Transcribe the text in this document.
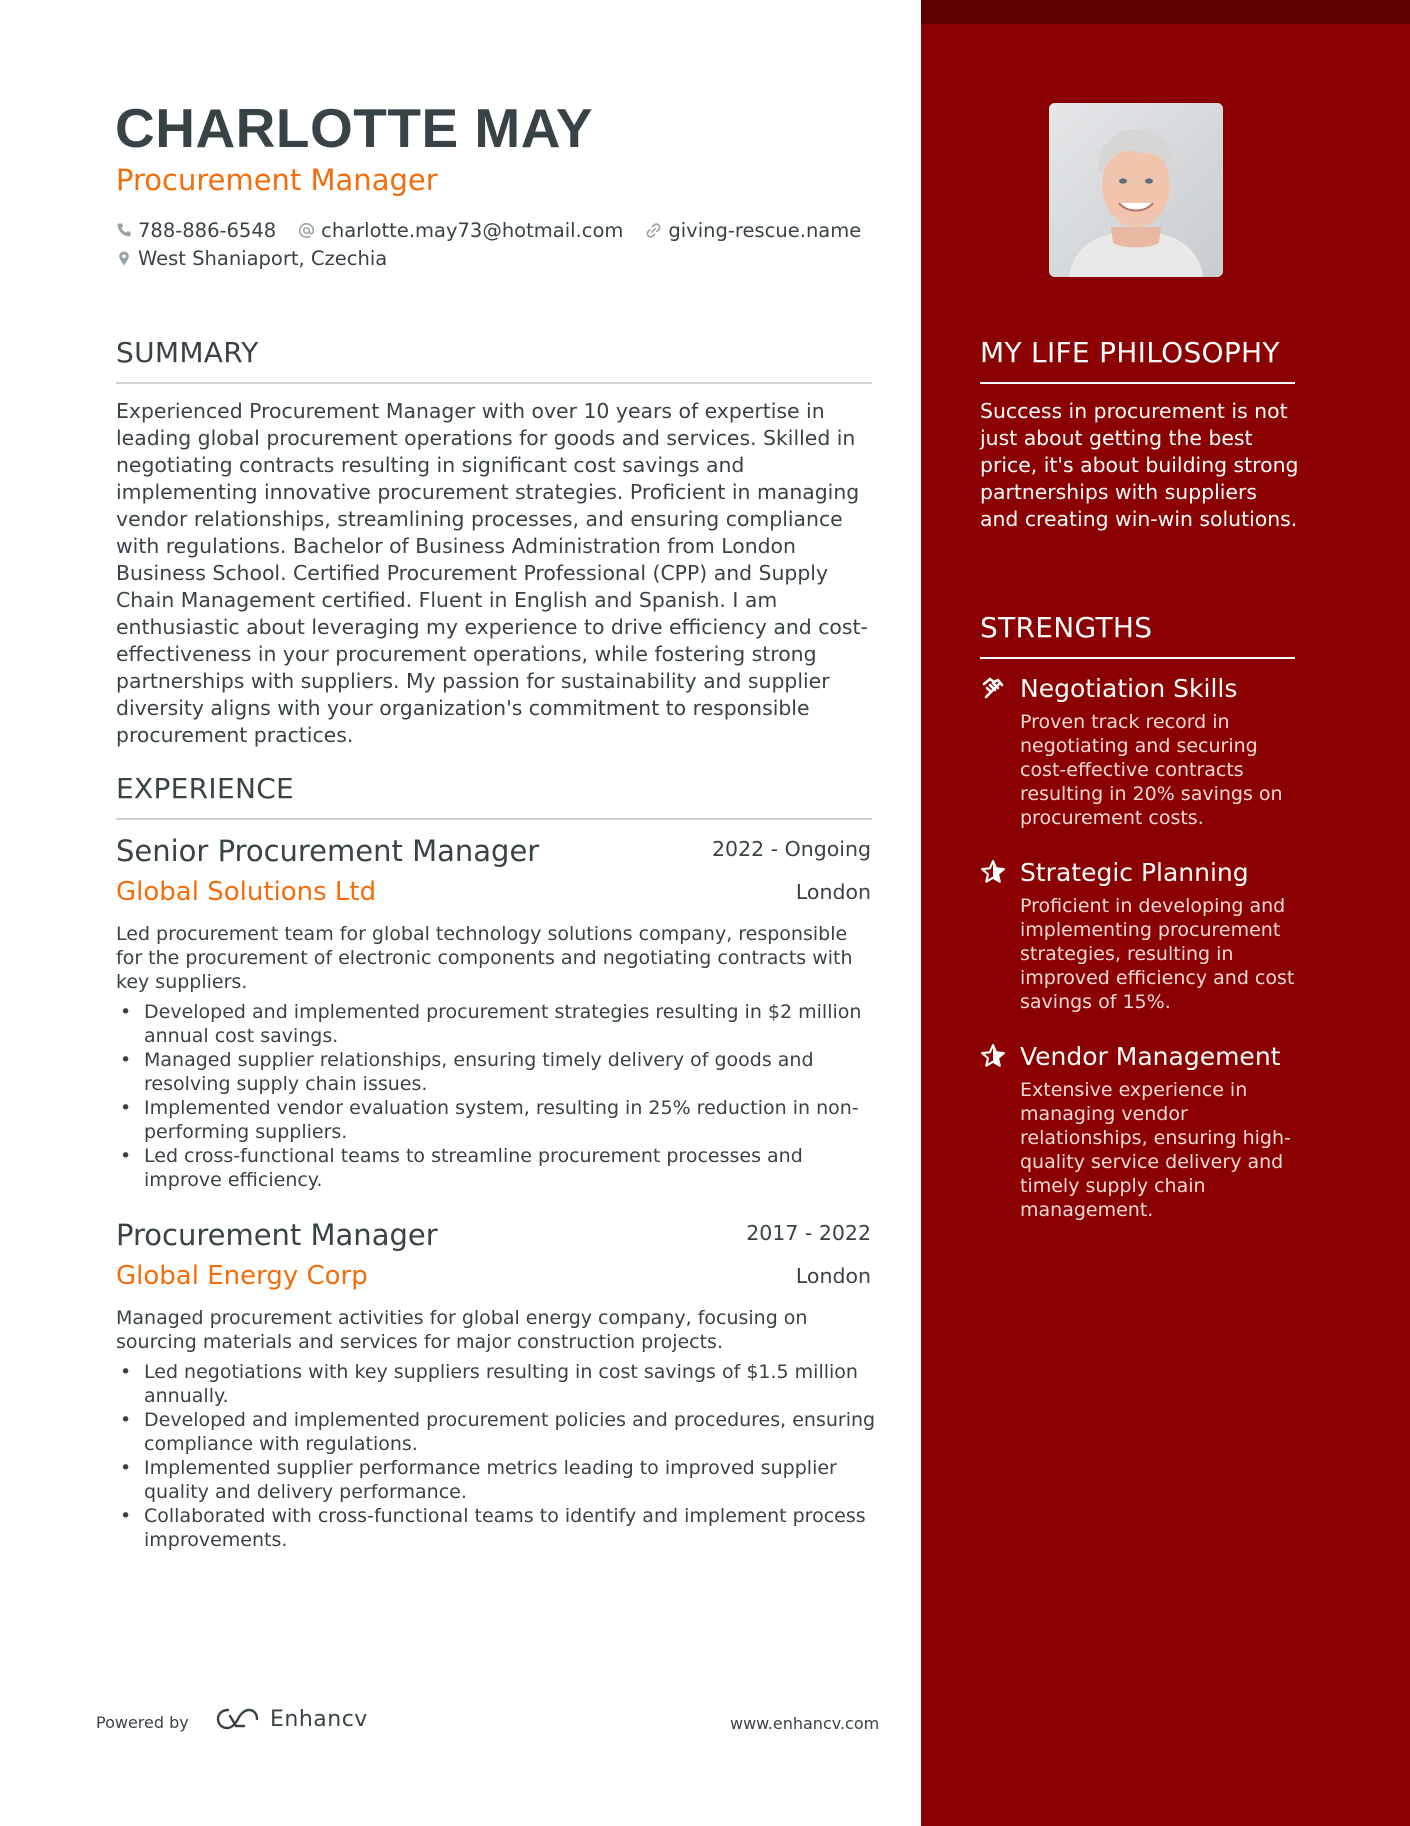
CHARLOTTE MAY
Procurement Manager
788-886-6548 charlotte.may73@hotmail.com giving-rescue.name
West Shaniaport, Czechia
SUMMARY
Experienced Procurement Manager with over 10 years of expertise in leading global procurement operations for goods and services. Skilled in negotiating contracts resulting in significant cost savings and implementing innovative procurement strategies. Proficient in managing vendor relationships, streamlining processes, and ensuring compliance with regulations. Bachelor of Business Administration from London Business School. Certified Procurement Professional (CPP) and Supply Chain Management certified. Fluent in English and Spanish. I am enthusiastic about leveraging my experience to drive efficiency and cost-effectiveness in your procurement operations, while fostering strong partnerships with suppliers. My passion for sustainability and supplier diversity aligns with your organization's commitment to responsible procurement practices.
EXPERIENCE
Senior Procurement Manager	2022 - Ongoing
Global Solutions Ltd	London
Led procurement team for global technology solutions company, responsible for the procurement of electronic components and negotiating contracts with key suppliers.
• Developed and implemented procurement strategies resulting in $2 million annual cost savings.
• Managed supplier relationships, ensuring timely delivery of goods and resolving supply chain issues.
• Implemented vendor evaluation system, resulting in 25% reduction in non-performing suppliers.
• Led cross-functional teams to streamline procurement processes and improve efficiency.
Procurement Manager	2017 - 2022
Global Energy Corp	London
Managed procurement activities for global energy company, focusing on sourcing materials and services for major construction projects.
• Led negotiations with key suppliers resulting in cost savings of $1.5 million annually.
• Developed and implemented procurement policies and procedures, ensuring compliance with regulations.
• Implemented supplier performance metrics leading to improved supplier quality and delivery performance.
• Collaborated with cross-functional teams to identify and implement process improvements.
Powered by	Enhancv	www.enhancv.com
MY LIFE PHILOSOPHY
Success in procurement is not just about getting the best price, it's about building strong partnerships with suppliers and creating win-win solutions.
STRENGTHS
Negotiation Skills
Proven track record in negotiating and securing cost-effective contracts resulting in 20% savings on procurement costs.
Strategic Planning
Proficient in developing and implementing procurement strategies, resulting in improved efficiency and cost savings of 15%.
Vendor Management
Extensive experience in managing vendor relationships, ensuring high-quality service delivery and timely supply chain management.
